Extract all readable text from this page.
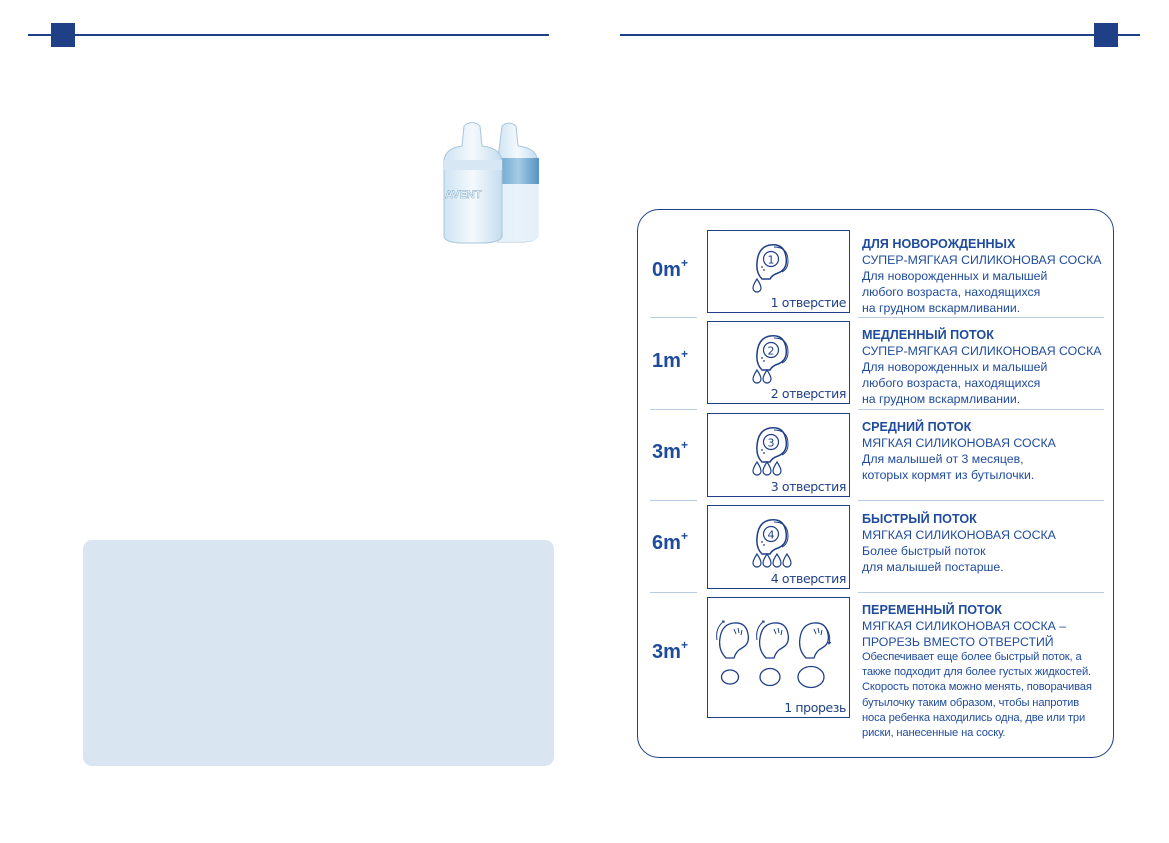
AVENT
0m+	1
1 отверстие
ДЛЯ НОВОРОЖДЕННЫХ
СУПЕР-МЯГКАЯ СИЛИКОНОВАЯ СОСКА
Для новорожденных и малышей
любого возраста, находящихся
на грудном вскармливании.
1m+	2
2 отверстия
МЕДЛЕННЫЙ ПОТОК
СУПЕР-МЯГКАЯ СИЛИКОНОВАЯ СОСКА
Для новорожденных и малышей
любого возраста, находящихся
на грудном вскармливании.
3m+	3
3 отверстия
СРЕДНИЙ ПОТОК
МЯГКАЯ СИЛИКОНОВАЯ СОСКА
Для малышей от 3 месяцев,
которых кормят из бутылочки.
6m+	4
4 отверстия
БЫСТРЫЙ ПОТОК
МЯГКАЯ СИЛИКОНОВАЯ СОСКА
Более быстрый поток
для малышей постарше.
3m+
1 прорезь
ПЕРЕМЕННЫЙ ПОТОК
МЯГКАЯ СИЛИКОНОВАЯ СОСКА –
ПРОРЕЗЬ ВМЕСТО ОТВЕРСТИЙ
Обеспечивает еще более быстрый поток, а
также подходит для более густых жидкостей.
Скорость потока можно менять, поворачивая
бутылочку таким образом, чтобы напротив
носа ребенка находились одна, две или три
риски, нанесенные на соску.
